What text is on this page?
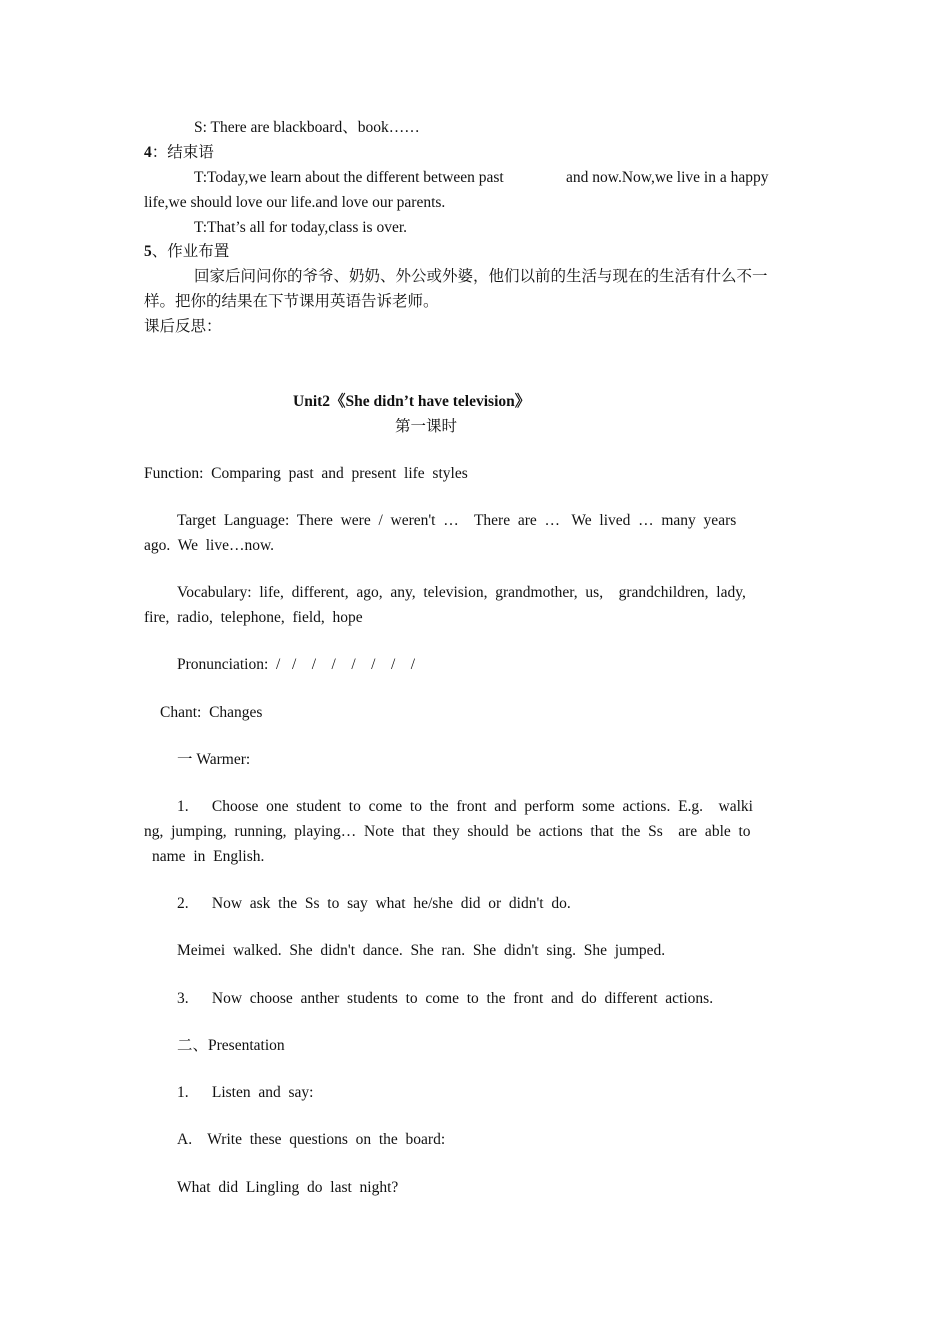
S: There are blackboard、book……
4：结束语
T:Today,we learn about the different between past	and now.Now,we live in a happy
life,we should love our life.and love our parents.
T:That’s all for today,class is over.
5、作业布置
回家后问问你的爷爷、奶奶、外公或外婆，他们以前的生活与现在的生活有什么不一
样。把你的结果在下节课用英语告诉老师。
课后反思：
Unit2《She didn’t have television》
第一课时
Function:  Comparing  past  and  present  life  styles
Target  Language:  There  were  /  weren't  …    There  are  …   We  lived  …  many  years
ago.  We  live…now.
Vocabulary:  life,  different,  ago,  any,  television,  grandmother,  us,    grandchildren,  lady,
fire,  radio,  telephone,  field,  hope
Pronunciation:  /   /    /    /    /    /    /    /
Chant:  Changes
一 Warmer:
1.      Choose  one  student  to  come  to  the  front  and  perform  some  actions.  E.g.    walki
ng,  jumping,  running,  playing…  Note  that  they  should  be  actions  that  the  Ss    are  able  to
name  in  English.
2.      Now  ask  the  Ss  to  say  what  he/she  did  or  didn't  do.
Meimei  walked.  She  didn't  dance.  She  ran.  She  didn't  sing.  She  jumped.
3.      Now  choose  anther  students  to  come  to  the  front  and  do  different  actions.
二、Presentation
1.      Listen  and  say:
A.    Write  these  questions  on  the  board:
What  did  Lingling  do  last  night?
